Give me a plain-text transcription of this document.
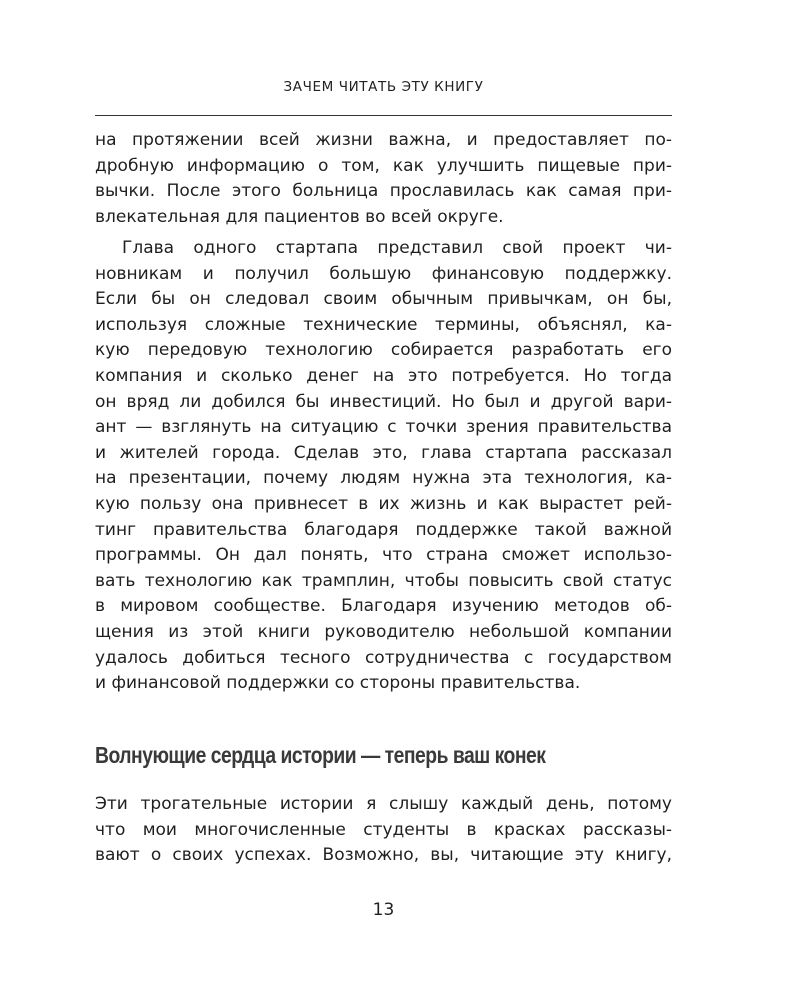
ЗАЧЕМ ЧИТАТЬ ЭТУ КНИГУ
на протяжении всей жизни важна, и предоставляет по-
дробную информацию о том, как улучшить пищевые при-
вычки. После этого больница прославилась как самая при-
влекательная для пациентов во всей округе.
Глава одного стартапа представил свой проект чи-
новникам и получил большую финансовую поддержку.
Если бы он следовал своим обычным привычкам, он бы,
используя сложные технические термины, объяснял, ка-
кую передовую технологию собирается разработать его
компания и сколько денег на это потребуется. Но тогда
он вряд ли добился бы инвестиций. Но был и другой вари-
ант — взглянуть на ситуацию с точки зрения правительства
и жителей города. Сделав это, глава стартапа рассказал
на презентации, почему людям нужна эта технология, ка-
кую пользу она привнесет в их жизнь и как вырастет рей-
тинг правительства благодаря поддержке такой важной
программы. Он дал понять, что страна сможет использо-
вать технологию как трамплин, чтобы повысить свой статус
в мировом сообществе. Благодаря изучению методов об-
щения из этой книги руководителю небольшой компании
удалось добиться тесного сотрудничества с государством
и финансовой поддержки со стороны правительства.
Волнующие сердца истории — теперь ваш конек
Эти трогательные истории я слышу каждый день, потому
что мои многочисленные студенты в красках рассказы-
вают о своих успехах. Возможно, вы, читающие эту книгу,
13
